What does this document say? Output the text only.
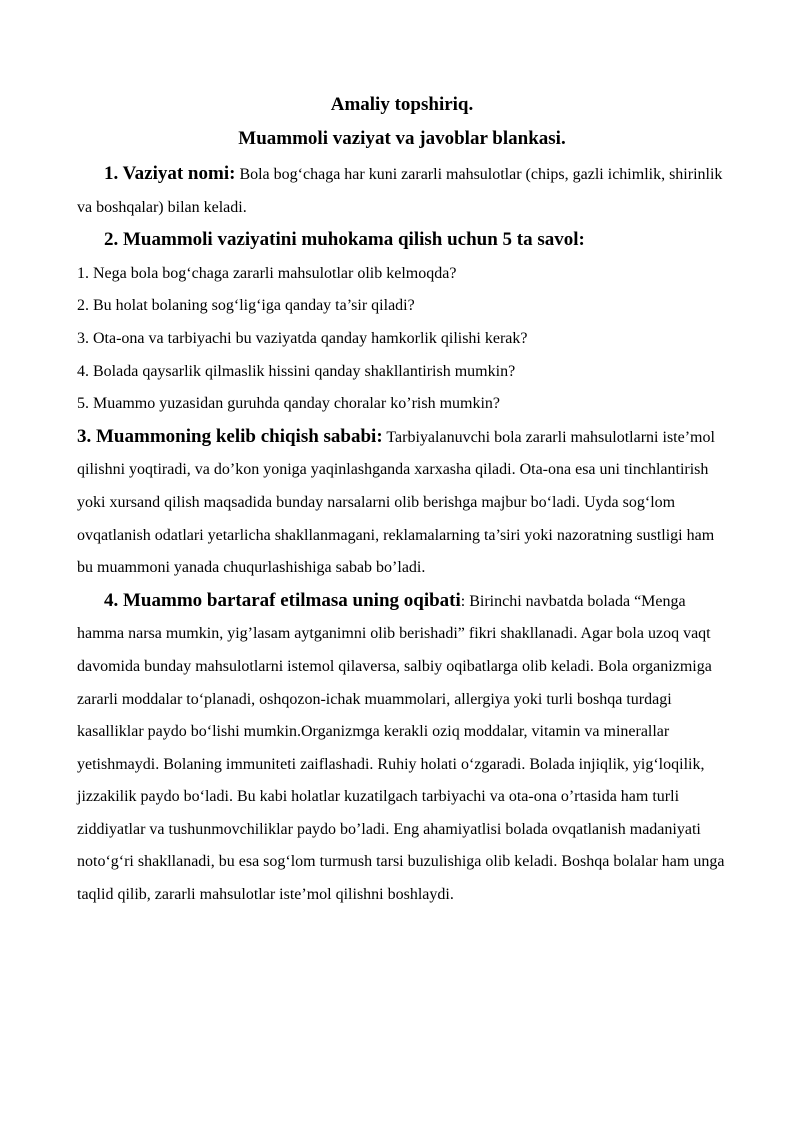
Amaliy topshiriq.

Muammoli vaziyat va javoblar blankasi.

1. Vaziyat nomi: Bola bog‘chaga har kuni zararli mahsulotlar (chips, gazli ichimlik, shirinlik va boshqalar) bilan keladi.

2. Muammoli vaziyatini muhokama qilish uchun 5 ta savol:

1. Nega bola bog‘chaga zararli mahsulotlar olib kelmoqda?
2. Bu holat bolaning sog‘lig‘iga qanday ta’sir qiladi?
3. Ota-ona va tarbiyachi bu vaziyatda qanday hamkorlik qilishi kerak?
4. Bolada qaysarlik qilmaslik hissini qanday shakllantirish mumkin?
5. Muammo yuzasidan guruhda qanday choralar ko’rish mumkin?

3. Muammoning kelib chiqish sababi: Tarbiyalanuvchi bola zararli mahsulotlarni iste’mol qilishni yoqtiradi, va do’kon yoniga yaqinlashganda xarxasha qiladi. Ota-ona esa uni tinchlantirish yoki xursand qilish maqsadida bunday narsalarni olib berishga majbur bo‘ladi. Uyda sog‘lom ovqatlanish odatlari yetarlicha shakllanmagani, reklamalarning ta’siri yoki nazoratning sustligi ham bu muammoni yanada chuqurlashishiga sabab bo’ladi.

4. Muammo bartaraf etilmasa uning oqibati: Birinchi navbatda bolada “Menga hamma narsa mumkin, yig’lasam aytganimni olib berishadi” fikri shakllanadi. Agar bola uzoq vaqt davomida bunday mahsulotlarni istemol qilaversa, salbiy oqibatlarga olib keladi. Bola organizmiga zararli moddalar to‘planadi, oshqozon-ichak muammolari, allergiya yoki turli boshqa turdagi kasalliklar paydo bo‘lishi mumkin.Organizmga kerakli oziq moddalar, vitamin va minerallar yetishmaydi. Bolaning immuniteti zaiflashadi. Ruhiy holati o‘zgaradi. Bolada injiqlik, yig‘loqilik, jizzakilik paydo bo‘ladi. Bu kabi holatlar kuzatilgach tarbiyachi va ota-ona o’rtasida ham turli ziddiyatlar va tushunmovchiliklar paydo bo’ladi. Eng ahamiyatlisi bolada ovqatlanish madaniyati noto‘g‘ri shakllanadi, bu esa sog‘lom turmush tarsi buzulishiga olib keladi. Boshqa bolalar ham unga taqlid qilib, zararli mahsulotlar iste’mol qilishni boshlaydi.
